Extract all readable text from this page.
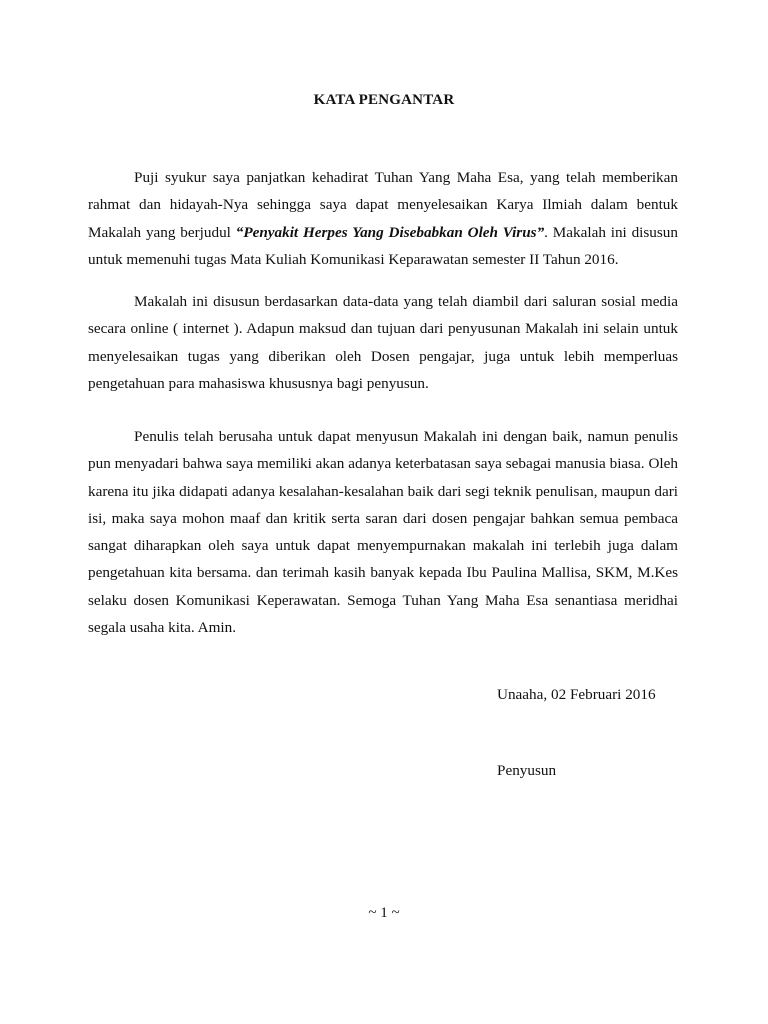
KATA PENGANTAR

Puji syukur saya panjatkan kehadirat Tuhan Yang Maha Esa, yang telah memberikan rahmat dan hidayah-Nya sehingga saya dapat menyelesaikan Karya Ilmiah dalam bentuk Makalah yang berjudul “Penyakit Herpes Yang Disebabkan Oleh Virus”. Makalah ini disusun untuk memenuhi tugas Mata Kuliah Komunikasi Keparawatan semester II Tahun 2016.

Makalah ini disusun berdasarkan data-data yang telah diambil dari saluran sosial media secara online ( internet ). Adapun maksud dan tujuan dari penyusunan Makalah ini selain untuk menyelesaikan tugas yang diberikan oleh Dosen pengajar, juga untuk lebih memperluas pengetahuan para mahasiswa khususnya bagi penyusun.

Penulis telah berusaha untuk dapat menyusun Makalah ini dengan baik, namun penulis pun menyadari bahwa saya memiliki akan adanya keterbatasan saya sebagai manusia biasa. Oleh karena itu jika didapati adanya kesalahan-kesalahan baik dari segi teknik penulisan, maupun dari isi, maka saya mohon maaf dan kritik serta saran dari dosen pengajar bahkan semua pembaca sangat diharapkan oleh saya untuk dapat menyempurnakan makalah ini terlebih juga dalam pengetahuan kita bersama. dan terimah kasih banyak kepada Ibu Paulina Mallisa, SKM, M.Kes selaku dosen Komunikasi Keperawatan. Semoga Tuhan Yang Maha Esa senantiasa meridhai segala usaha kita. Amin.

Unaaha, 02 Februari 2016
Penyusun
~ 1 ~
